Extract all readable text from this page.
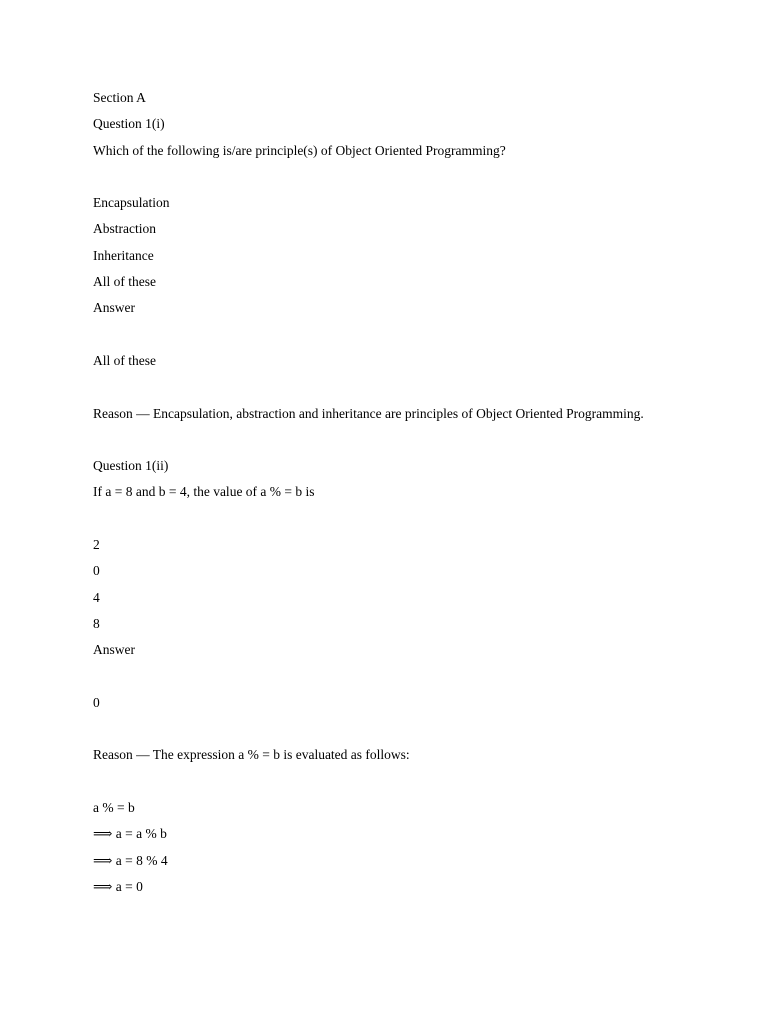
Section A
Question 1(i)
Which of the following is/are principle(s) of Object Oriented Programming?
Encapsulation
Abstraction
Inheritance
All of these
Answer
All of these
Reason — Encapsulation, abstraction and inheritance are principles of Object Oriented Programming.
Question 1(ii)
If a = 8 and b = 4, the value of a % = b is
2
0
4
8
Answer
0
Reason — The expression a % = b is evaluated as follows:
a % = b
⟹ a = a % b
⟹ a = 8 % 4
⟹ a = 0
